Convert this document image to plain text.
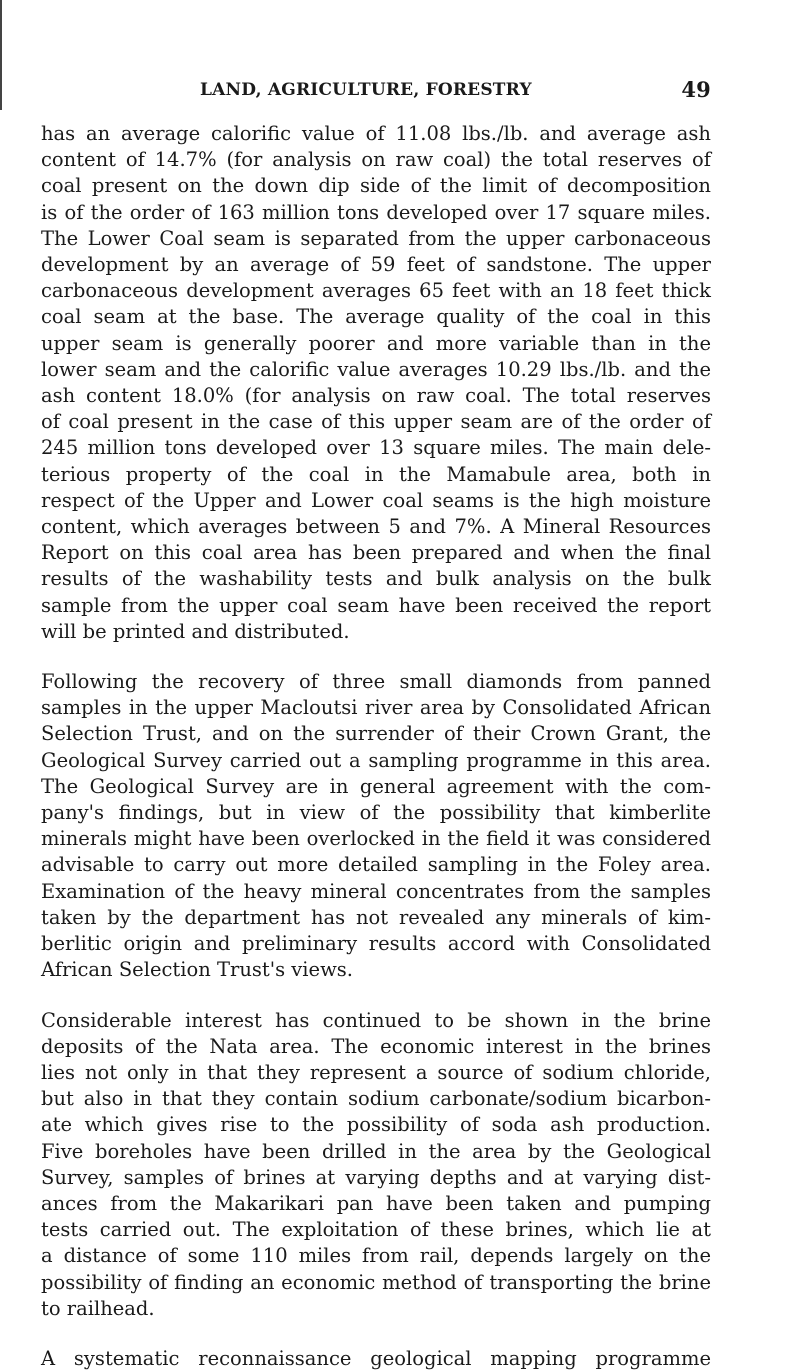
LAND, AGRICULTURE, FORESTRY	49

has an average calorific value of 11.08 lbs./lb. and average ash
content of 14.7% (for analysis on raw coal) the total reserves of
coal present on the down dip side of the limit of decomposition
is of the order of 163 million tons developed over 17 square miles.
The Lower Coal seam is separated from the upper carbonaceous
development by an average of 59 feet of sandstone. The upper
carbonaceous development averages 65 feet with an 18 feet thick
coal seam at the base. The average quality of the coal in this
upper seam is generally poorer and more variable than in the
lower seam and the calorific value averages 10.29 lbs./lb. and the
ash content 18.0% (for analysis on raw coal. The total reserves
of coal present in the case of this upper seam are of the order of
245 million tons developed over 13 square miles. The main dele-
terious property of the coal in the Mamabule area, both in
respect of the Upper and Lower coal seams is the high moisture
content, which averages between 5 and 7%. A Mineral Resources
Report on this coal area has been prepared and when the final
results of the washability tests and bulk analysis on the bulk
sample from the upper coal seam have been received the report
will be printed and distributed.

Following the recovery of three small diamonds from panned
samples in the upper Macloutsi river area by Consolidated African
Selection Trust, and on the surrender of their Crown Grant, the
Geological Survey carried out a sampling programme in this area.
The Geological Survey are in general agreement with the com-
pany's findings, but in view of the possibility that kimberlite
minerals might have been overlocked in the field it was considered
advisable to carry out more detailed sampling in the Foley area.
Examination of the heavy mineral concentrates from the samples
taken by the department has not revealed any minerals of kim-
berlitic origin and preliminary results accord with Consolidated
African Selection Trust's views.

Considerable interest has continued to be shown in the brine
deposits of the Nata area. The economic interest in the brines
lies not only in that they represent a source of sodium chloride,
but also in that they contain sodium carbonate/sodium bicarbon-
ate which gives rise to the possibility of soda ash production.
Five boreholes have been drilled in the area by the Geological
Survey, samples of brines at varying depths and at varying dist-
ances from the Makarikari pan have been taken and pumping
tests carried out. The exploitation of these brines, which lie at
a distance of some 110 miles from rail, depends largely on the
possibility of finding an economic method of transporting the brine
to railhead.

A systematic reconnaissance geological mapping programme
